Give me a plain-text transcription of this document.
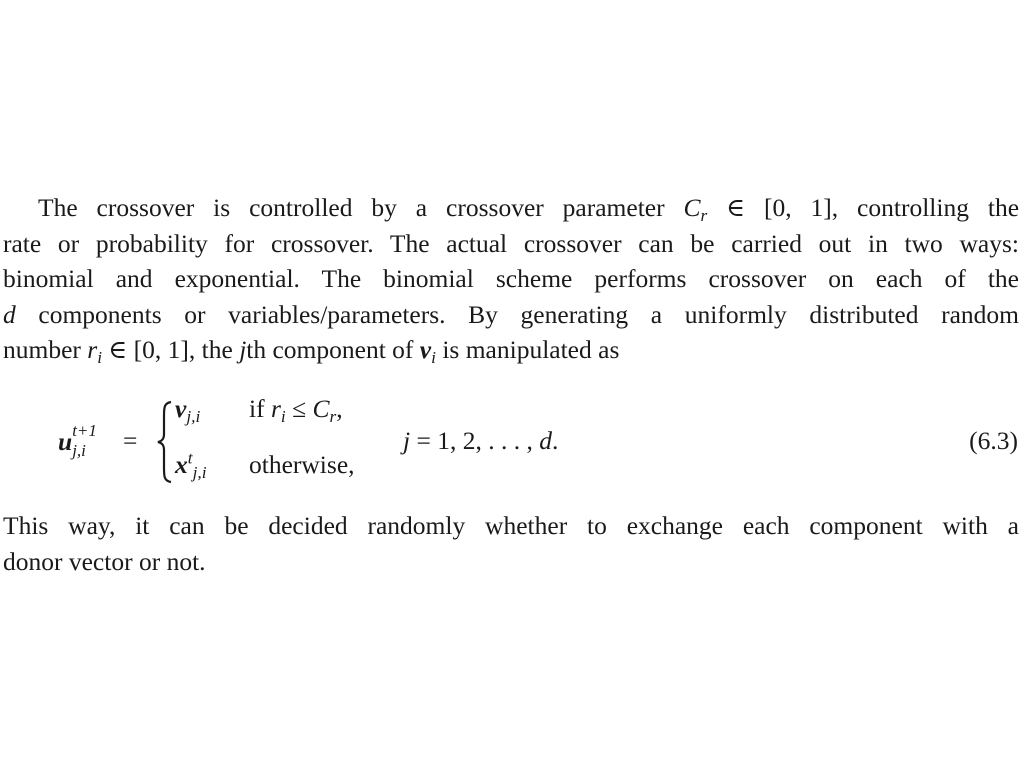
The crossover is controlled by a crossover parameter $C_r$ ∈ [0, 1], controlling the
rate or probability for crossover. The actual crossover can be carried out in two ways:
binomial and exponential. The binomial scheme performs crossover on each of the
d components or variables/parameters. By generating a uniformly distributed random
number $r_i$ ∈ [0, 1], the jth component of $v_i$ is manipulated as

u t+1
j,i =
$v_{j,i}$ if $r_i \le C_r$,
$x^t_{j,i}$ otherwise,
j = 1, 2, . . . , d.	(6.3)

This way, it can be decided randomly whether to exchange each component with a
donor vector or not.
